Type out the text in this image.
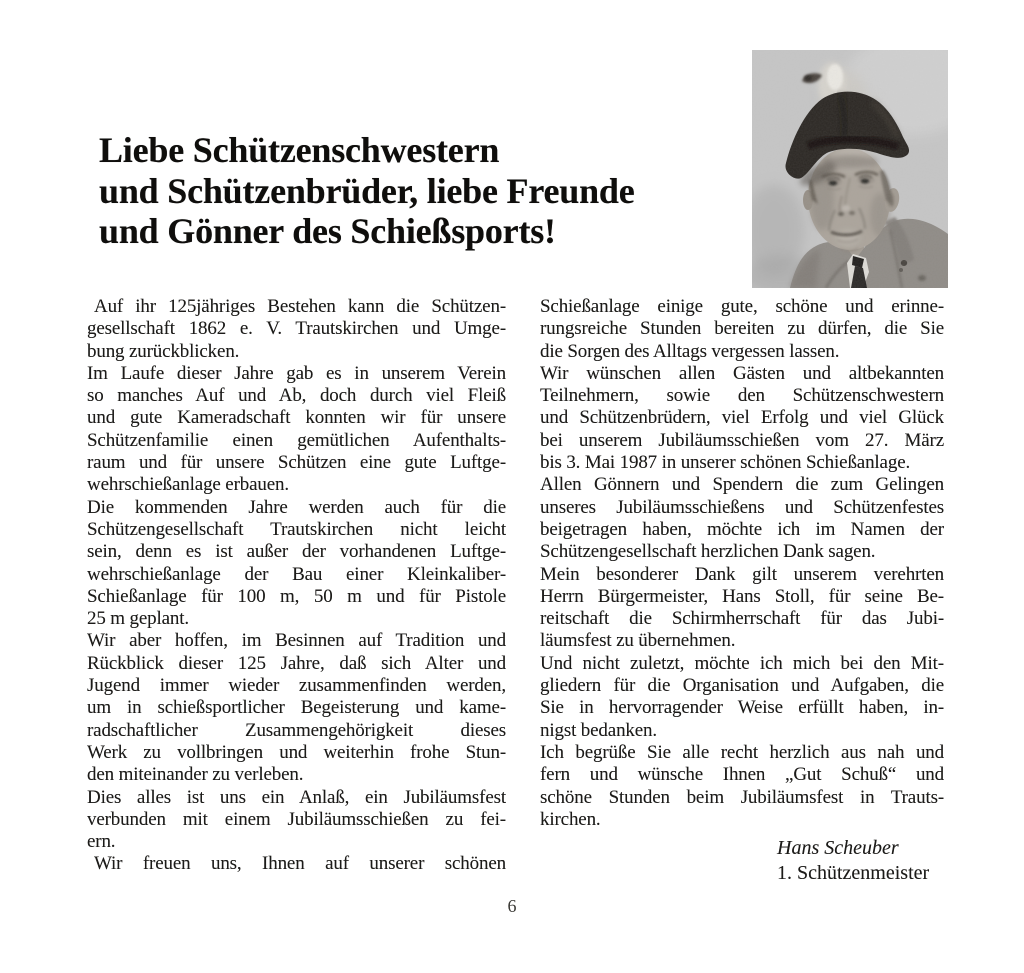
Liebe Schützenschwestern
und Schützenbrüder, liebe Freunde
und Gönner des Schießsports!
Auf ihr 125jähriges Bestehen kann die Schützen-
gesellschaft 1862 e. V. Trautskirchen und Umge-
bung zurückblicken.
Im Laufe dieser Jahre gab es in unserem Verein
so manches Auf und Ab, doch durch viel Fleiß
und gute Kameradschaft konnten wir für unsere
Schützenfamilie einen gemütlichen Aufenthalts-
raum und für unsere Schützen eine gute Luftge-
wehrschießanlage erbauen.
Die kommenden Jahre werden auch für die
Schützengesellschaft Trautskirchen nicht leicht
sein, denn es ist außer der vorhandenen Luftge-
wehrschießanlage der Bau einer Kleinkaliber-
Schießanlage für 100 m, 50 m und für Pistole
25 m geplant.
Wir aber hoffen, im Besinnen auf Tradition und
Rückblick dieser 125 Jahre, daß sich Alter und
Jugend immer wieder zusammenfinden werden,
um in schießsportlicher Begeisterung und kame-
radschaftlicher Zusammengehörigkeit dieses
Werk zu vollbringen und weiterhin frohe Stun-
den miteinander zu verleben.
Dies alles ist uns ein Anlaß, ein Jubiläumsfest
verbunden mit einem Jubiläumsschießen zu fei-
ern.
Wir freuen uns, Ihnen auf unserer schönen
Schießanlage einige gute, schöne und erinne-
rungsreiche Stunden bereiten zu dürfen, die Sie
die Sorgen des Alltags vergessen lassen.
Wir wünschen allen Gästen und altbekannten
Teilnehmern, sowie den Schützenschwestern
und Schützenbrüdern, viel Erfolg und viel Glück
bei unserem Jubiläumsschießen vom 27. März
bis 3. Mai 1987 in unserer schönen Schießanlage.
Allen Gönnern und Spendern die zum Gelingen
unseres Jubiläumsschießens und Schützenfestes
beigetragen haben, möchte ich im Namen der
Schützengesellschaft herzlichen Dank sagen.
Mein besonderer Dank gilt unserem verehrten
Herrn Bürgermeister, Hans Stoll, für seine Be-
reitschaft die Schirmherrschaft für das Jubi-
läumsfest zu übernehmen.
Und nicht zuletzt, möchte ich mich bei den Mit-
gliedern für die Organisation und Aufgaben, die
Sie in hervorragender Weise erfüllt haben, in-
nigst bedanken.
Ich begrüße Sie alle recht herzlich aus nah und
fern und wünsche Ihnen „Gut Schuß“ und
schöne Stunden beim Jubiläumsfest in Trauts-
kirchen.
Hans Scheuber
1. Schützenmeister
6
